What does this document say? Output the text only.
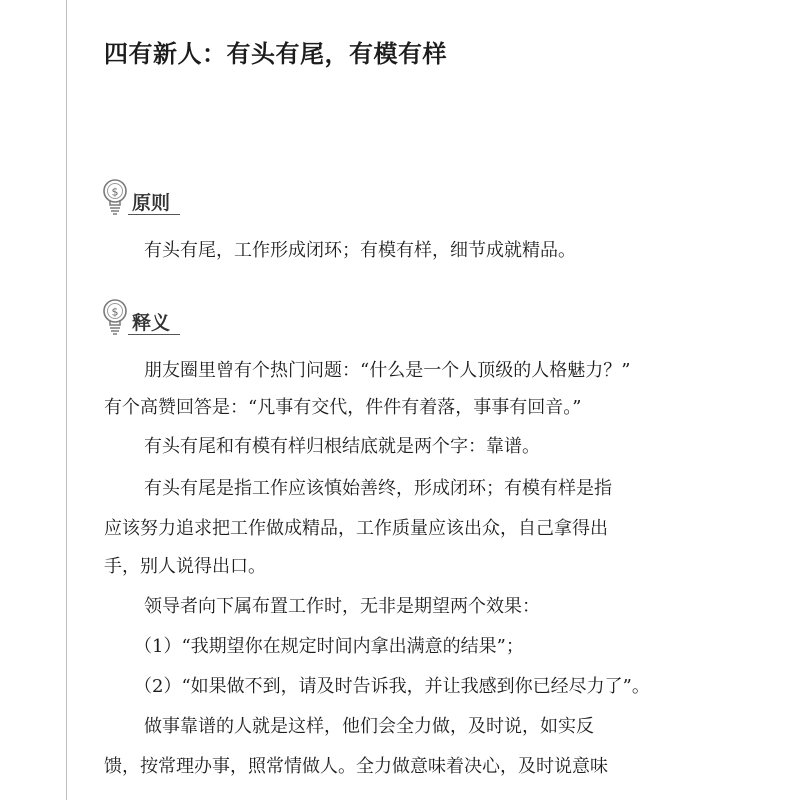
四有新人：有头有尾，有模有样
$ 原则
有头有尾，工作形成闭环；有模有样，细节成就精品。
$ 释义
朋友圈里曾有个热门问题：“什么是一个人顶级的人格魅力？”
有个高赞回答是：“凡事有交代，件件有着落，事事有回音。”
有头有尾和有模有样归根结底就是两个字：靠谱。
有头有尾是指工作应该慎始善终，形成闭环；有模有样是指
应该努力追求把工作做成精品，工作质量应该出众，自己拿得出
手，别人说得出口。
领导者向下属布置工作时，无非是期望两个效果：
（1）“我期望你在规定时间内拿出满意的结果”；
（2）“如果做不到，请及时告诉我，并让我感到你已经尽力了”。
做事靠谱的人就是这样，他们会全力做，及时说，如实反
馈，按常理办事，照常情做人。全力做意味着决心，及时说意味
